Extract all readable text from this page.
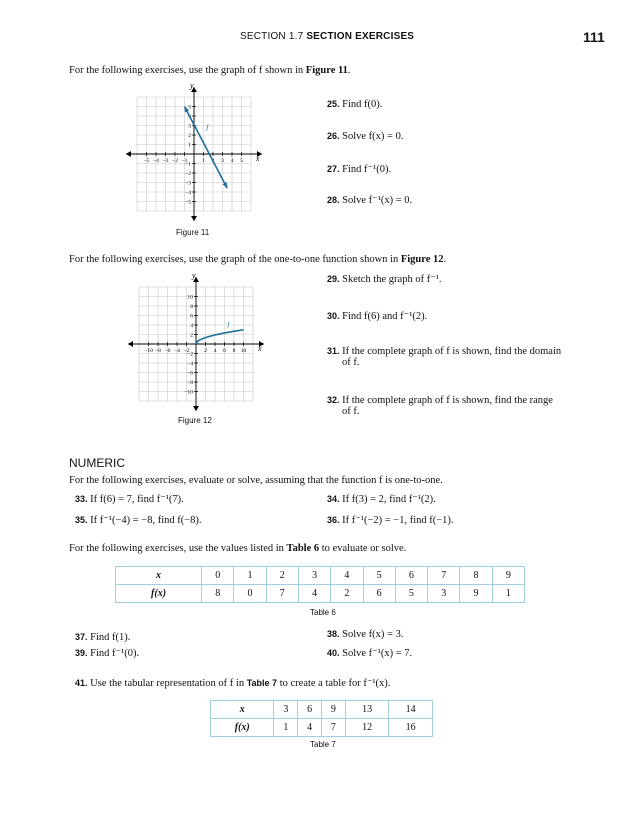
SECTION 1.7 SECTION EXERCISES	111
For the following exercises, use the graph of f shown in Figure 11.
x
y
−5 −4 −3 −2 −1	1	3 4 5
5
3
2
1
−1
−2
−3
−4
−5
f
Figure 11
25. Find f(0).
26. Solve f(x) = 0.
27. Find f⁻¹(0).
28. Solve f⁻¹(x) = 0.
For the following exercises, use the graph of the one-to-one function shown in Figure 12.
x
y
−10 −8 −6 −4 −2	2 4 6 8 10
10
8
6
4
2
−2
−4
−6
−8
−10
f
Figure 12
29. Sketch the graph of f⁻¹.
30. Find f(6) and f⁻¹(2).
31. If the complete graph of f is shown, find the domain
of f.
32. If the complete graph of f is shown, find the range
of f.
NUMERIC
For the following exercises, evaluate or solve, assuming that the function f is one-to-one.
33. If f(6) = 7, find f⁻¹(7).	34. If f(3) = 2, find f⁻¹(2).
35. If f⁻¹(−4) = −8, find f(−8).	36. If f⁻¹(−2) = −1, find f(−1).
For the following exercises, use the values listed in Table 6 to evaluate or solve.
x	0	1	2	3	4	5	6	7	8	9
f(x)	8	0	7	4	2	6	5	3	9	1
Table 6
37. Find f(1).	38. Solve f(x) = 3.
39. Find f⁻¹(0).	40. Solve f⁻¹(x) = 7.
41. Use the tabular representation of f in Table 7 to create a table for f⁻¹(x).
x	3	6	9	13	14
f(x)	1	4	7	12	16
Table 7
